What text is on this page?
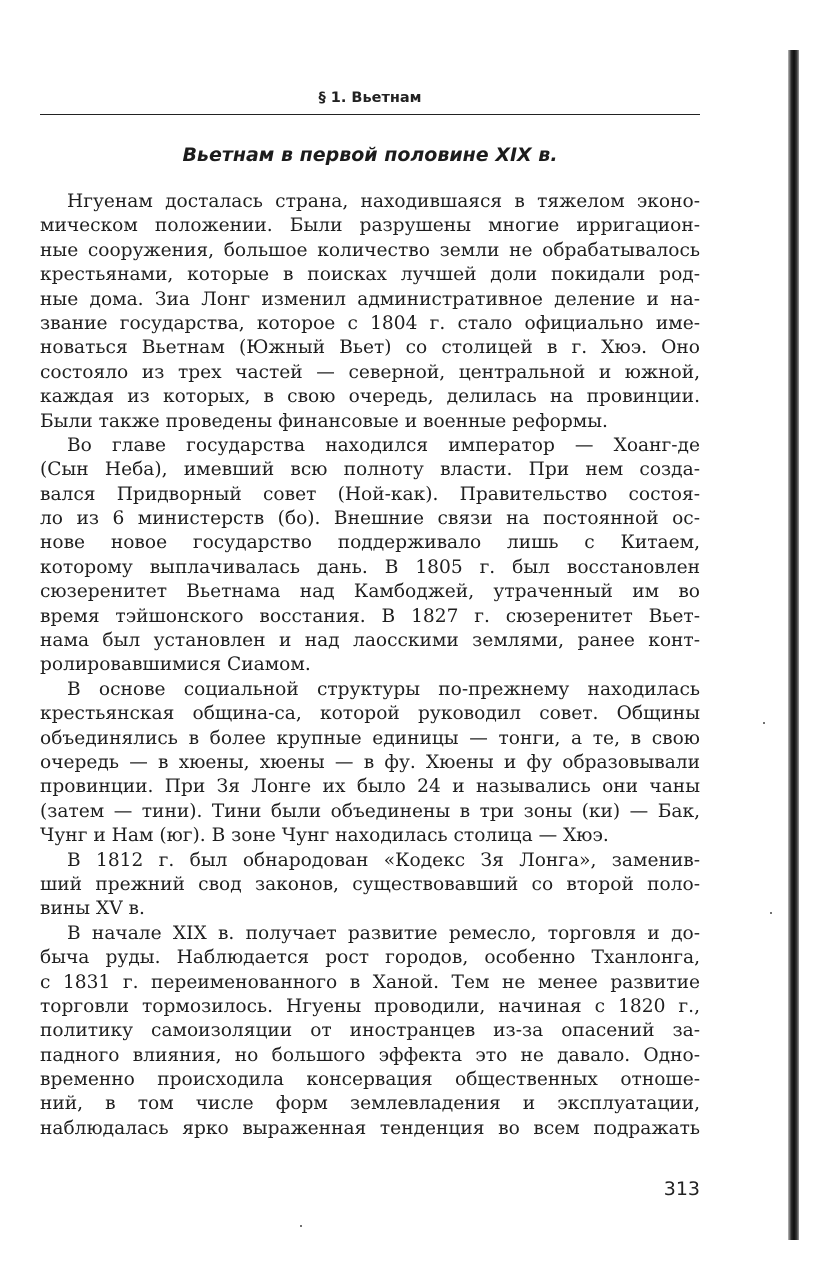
§ 1. Вьетнам
Вьетнам в первой половине XIX в.
Нгуенам досталась страна, находившаяся в тяжелом эконо-
мическом положении. Были разрушены многие ирригацион-
ные сооружения, большое количество земли не обрабатывалось
крестьянами, которые в поисках лучшей доли покидали род-
ные дома. Зиа Лонг изменил административное деление и на-
звание государства, которое с 1804 г. стало официально име-
новаться Вьетнам (Южный Вьет) со столицей в г. Хюэ. Оно
состояло из трех частей — северной, центральной и южной,
каждая из которых, в свою очередь, делилась на провинции.
Были также проведены финансовые и военные реформы.
Во главе государства находился император — Хоанг-де
(Сын Неба), имевший всю полноту власти. При нем созда-
вался Придворный совет (Ной-как). Правительство состоя-
ло из 6 министерств (бо). Внешние связи на постоянной ос-
нове новое государство поддерживало лишь с Китаем,
которому выплачивалась дань. В 1805 г. был восстановлен
сюзеренитет Вьетнама над Камбоджей, утраченный им во
время тэйшонского восстания. В 1827 г. сюзеренитет Вьет-
нама был установлен и над лаосскими землями, ранее конт-
ролировавшимися Сиамом.
В основе социальной структуры по-прежнему находилась
крестьянская община-са, которой руководил совет. Общины
объединялись в более крупные единицы — тонги, а те, в свою
очередь — в хюены, хюены — в фу. Хюены и фу образовывали
провинции. При Зя Лонге их было 24 и назывались они чаны
(затем — тини). Тини были объединены в три зоны (ки) — Бак,
Чунг и Нам (юг). В зоне Чунг находилась столица — Хюэ.
В 1812 г. был обнародован «Кодекс Зя Лонга», заменив-
ший прежний свод законов, существовавший со второй поло-
вины XV в.
В начале XIX в. получает развитие ремесло, торговля и до-
быча руды. Наблюдается рост городов, особенно Тханлонга,
с 1831 г. переименованного в Ханой. Тем не менее развитие
торговли тормозилось. Нгуены проводили, начиная с 1820 г.,
политику самоизоляции от иностранцев из-за опасений за-
падного влияния, но большого эффекта это не давало. Одно-
временно происходила консервация общественных отноше-
ний, в том числе форм землевладения и эксплуатации,
наблюдалась ярко выраженная тенденция во всем подражать
313
